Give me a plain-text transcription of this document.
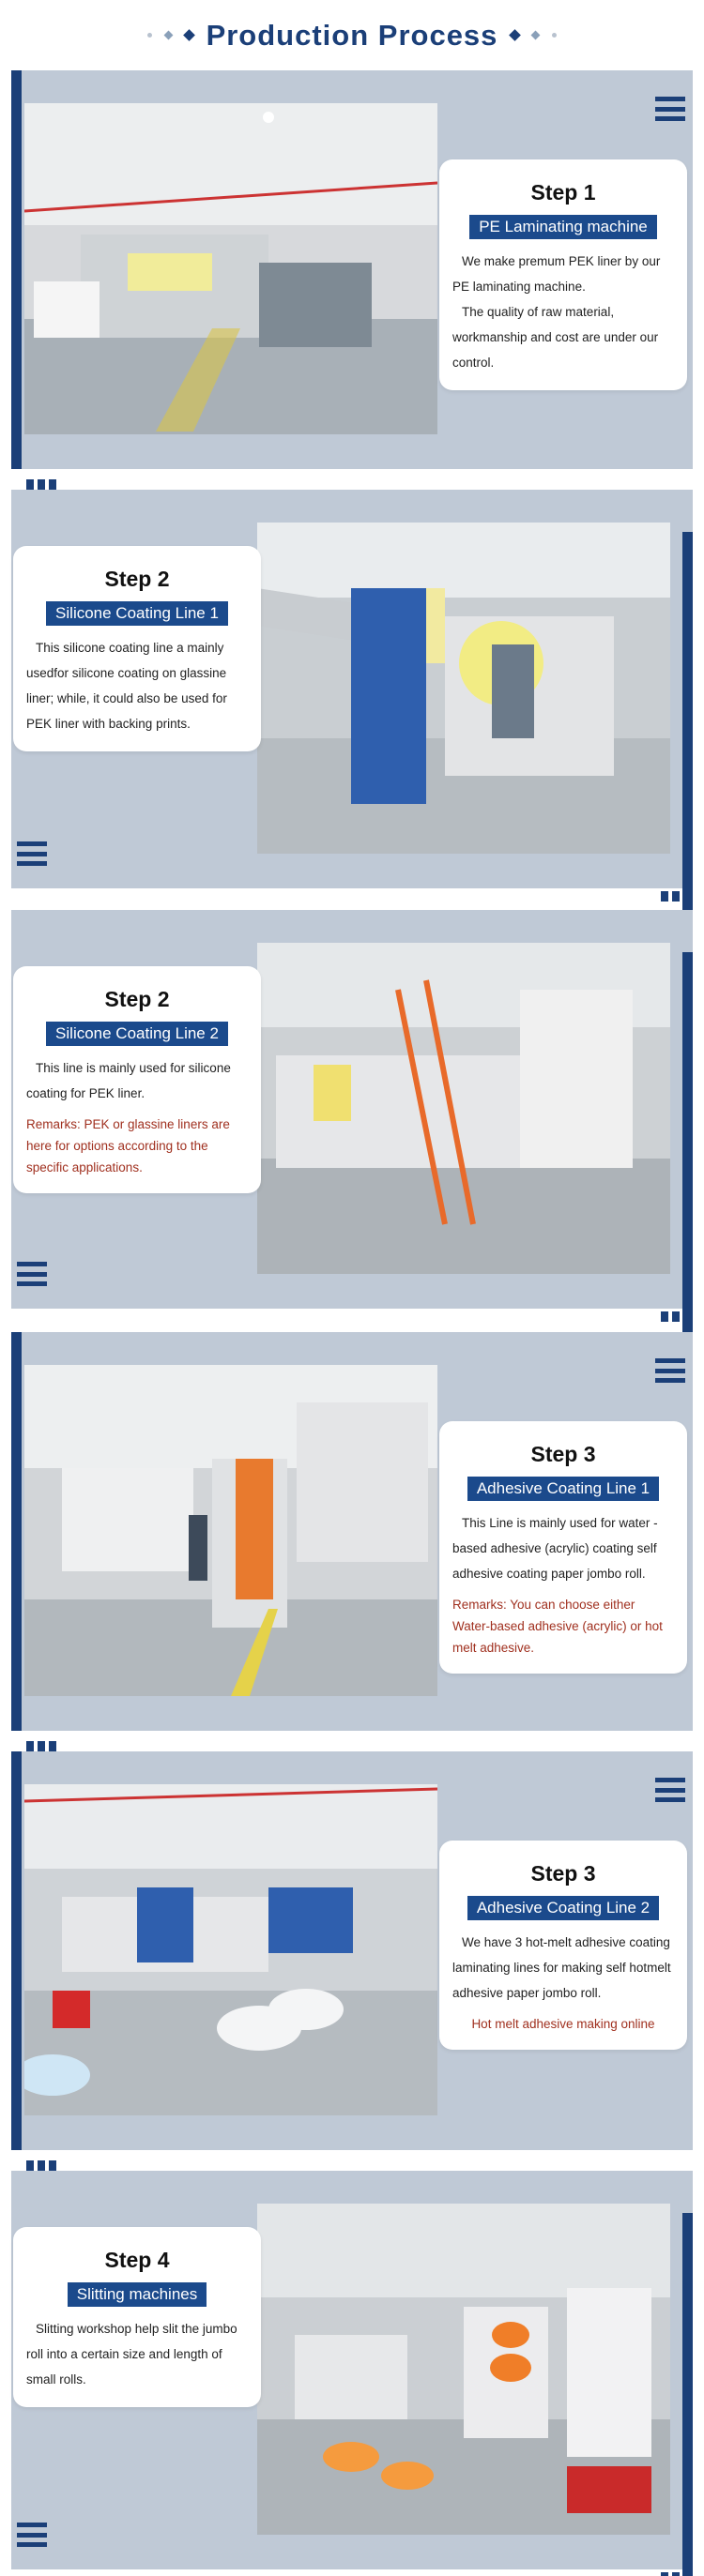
Production Process
Step 1
PE Laminating machine

We make premum PEK liner by our PE laminating machine.

The quality of raw material, workmanship and cost are under our control.

Step 2
Silicone Coating Line 1

This silicone coating line a mainly usedfor silicone coating on glassine liner; while, it could also be used for PEK liner with backing prints.

Step 2
Silicone Coating Line 2

This line is mainly used for silicone coating for PEK liner.

Remarks: PEK or glassine liners are here for options according to the specific applications.
Step 3
Adhesive Coating Line 1

This Line is mainly used for water -based adhesive (acrylic) coating self adhesive coating paper jombo roll.

Remarks: You can choose either Water-based adhesive (acrylic) or hot melt adhesive.
Step 3
Adhesive Coating Line 2

We have 3 hot-melt adhesive coating laminating lines for making self hotmelt adhesive paper jombo roll.

Hot melt adhesive making online
Step 4
Slitting machines

Slitting workshop help slit the jumbo roll into a certain size and length of small rolls.
